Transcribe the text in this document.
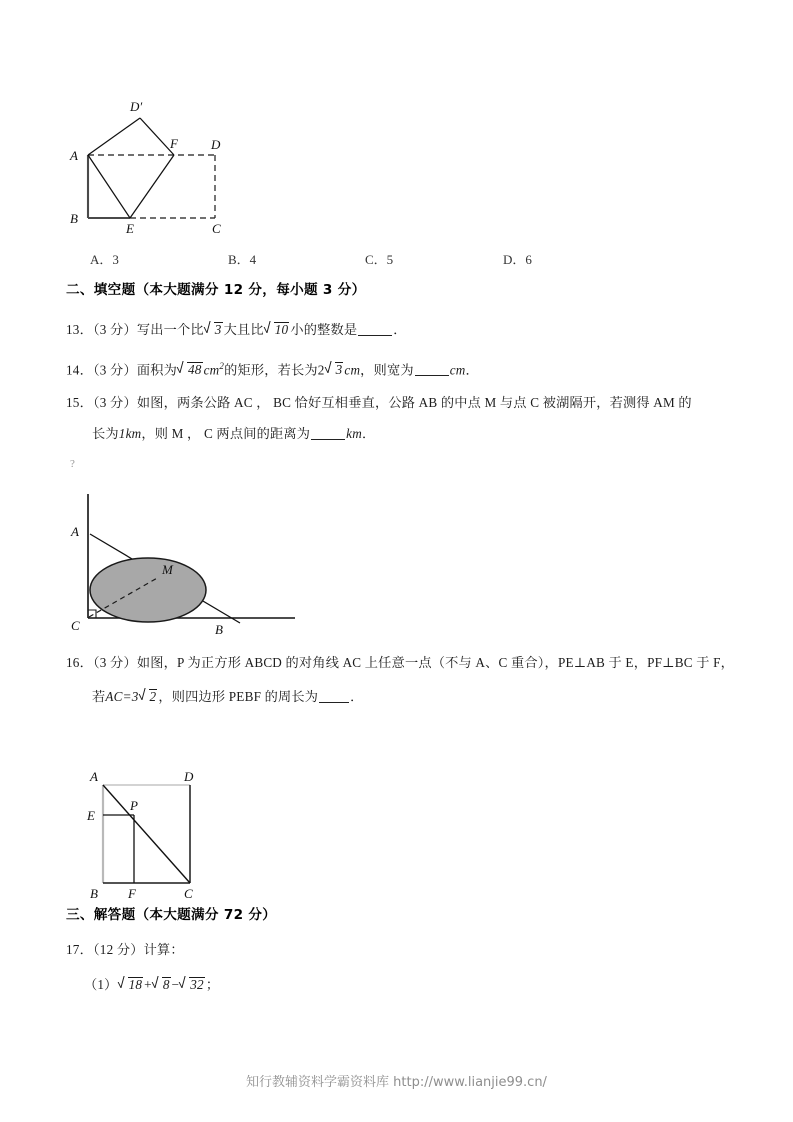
A
B
E	C
D
F
D′
A．3	B．4	C．5	D．6
二、填空题（本大题满分 12 分，每小题 3 分）
13．（3 分）写出一个比 3 大且比 10 小的整数是	．
14．（3 分）面积为 48 $cm^2$的矩形，若长为2 3 cm，则宽为	cm．
15．（3 分）如图，两条公路 AC ， BC 恰好互相垂直，公路 AB 的中点 M 与点 C 被湖隔开，若测得 AM 的
长为1km，则 M ， C 两点间的距离为	km．
?
A
C	B
M
16．（3 分）如图，P 为正方形 ABCD 的对角线 AC 上任意一点（不与 A、C 重合），PE⊥AB 于 E，PF⊥BC 于 F，
若AC=3 2 ，则四边形 PEBF 的周长为 ．
A	D
E
P
B F	C
三、解答题（本大题满分 72 分）
17．（12 分）计算：
（1） 18 + 8 − 32 ；
知行教辅资料学霸资料库 http://www.lianjie99.cn/
